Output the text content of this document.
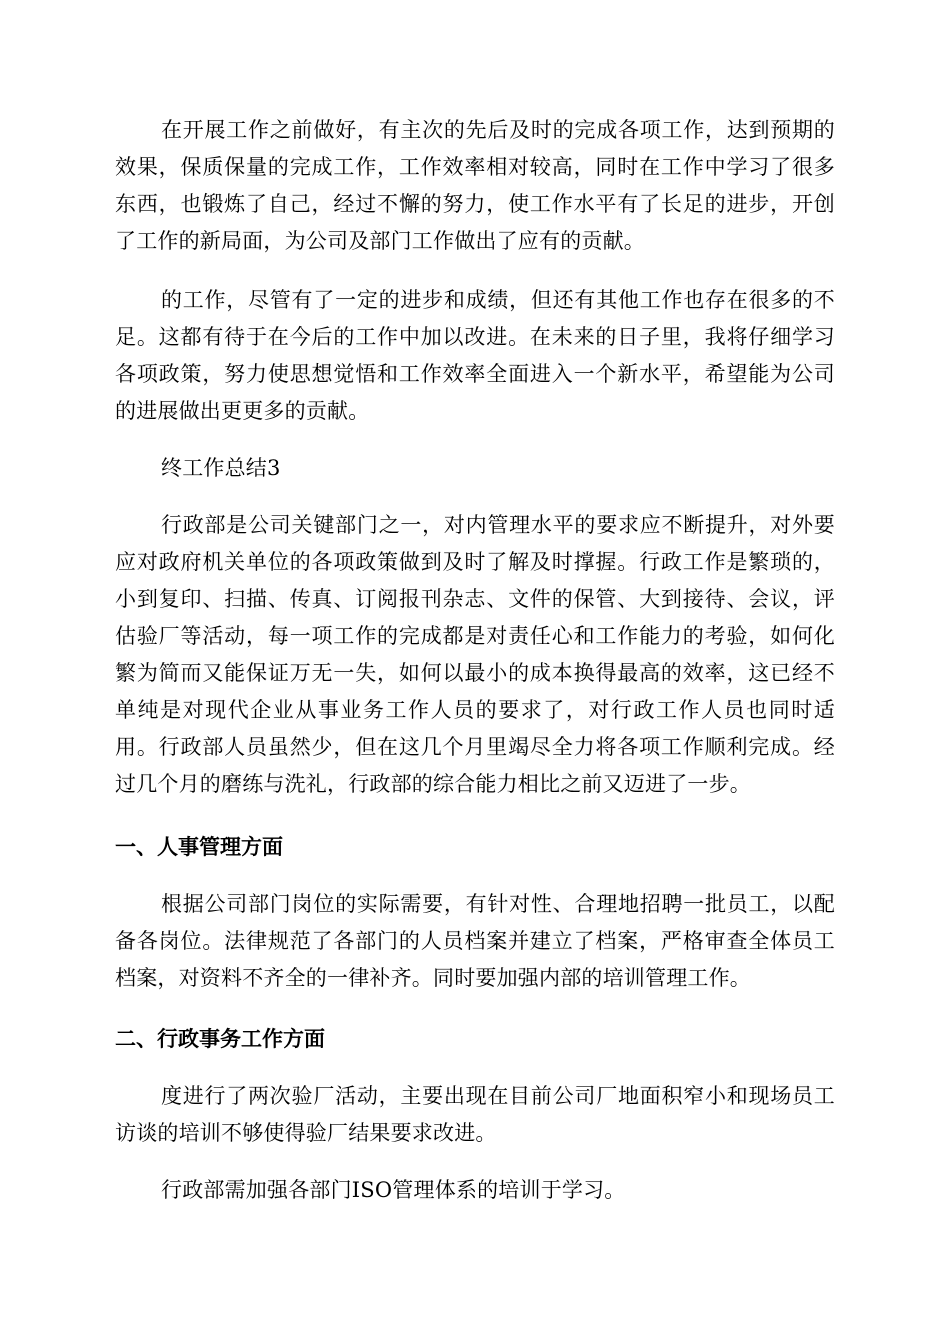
在开展工作之前做好，有主次的先后及时的完成各项工作，达到预期的效果，保质保量的完成工作，工作效率相对较高，同时在工作中学习了很多东西，也锻炼了自己，经过不懈的努力，使工作水平有了长足的进步，开创了工作的新局面，为公司及部门工作做出了应有的贡献。

的工作，尽管有了一定的进步和成绩，但还有其他工作也存在很多的不足。这都有待于在今后的工作中加以改进。在未来的日子里，我将仔细学习各项政策，努力使思想觉悟和工作效率全面进入一个新水平，希望能为公司的进展做出更更多的贡献。

终工作总结3

行政部是公司关键部门之一，对内管理水平的要求应不断提升，对外要应对政府机关单位的各项政策做到及时了解及时撑握。行政工作是繁琐的，小到复印、扫描、传真、订阅报刊杂志、文件的保管、大到接待、会议，评估验厂等活动，每一项工作的完成都是对责任心和工作能力的考验，如何化繁为简而又能保证万无一失，如何以最小的成本换得最高的效率，这已经不单纯是对现代企业从事业务工作人员的要求了，对行政工作人员也同时适用。行政部人员虽然少，但在这几个月里竭尽全力将各项工作顺利完成。经过几个月的磨练与洗礼，行政部的综合能力相比之前又迈进了一步。

一、人事管理方面

根据公司部门岗位的实际需要，有针对性、合理地招聘一批员工，以配备各岗位。法律规范了各部门的人员档案并建立了档案，严格审查全体员工档案，对资料不齐全的一律补齐。同时要加强内部的培训管理工作。

二、行政事务工作方面

度进行了两次验厂活动，主要出现在目前公司厂地面积窄小和现场员工访谈的培训不够使得验厂结果要求改进。

行政部需加强各部门ISO管理体系的培训于学习。
